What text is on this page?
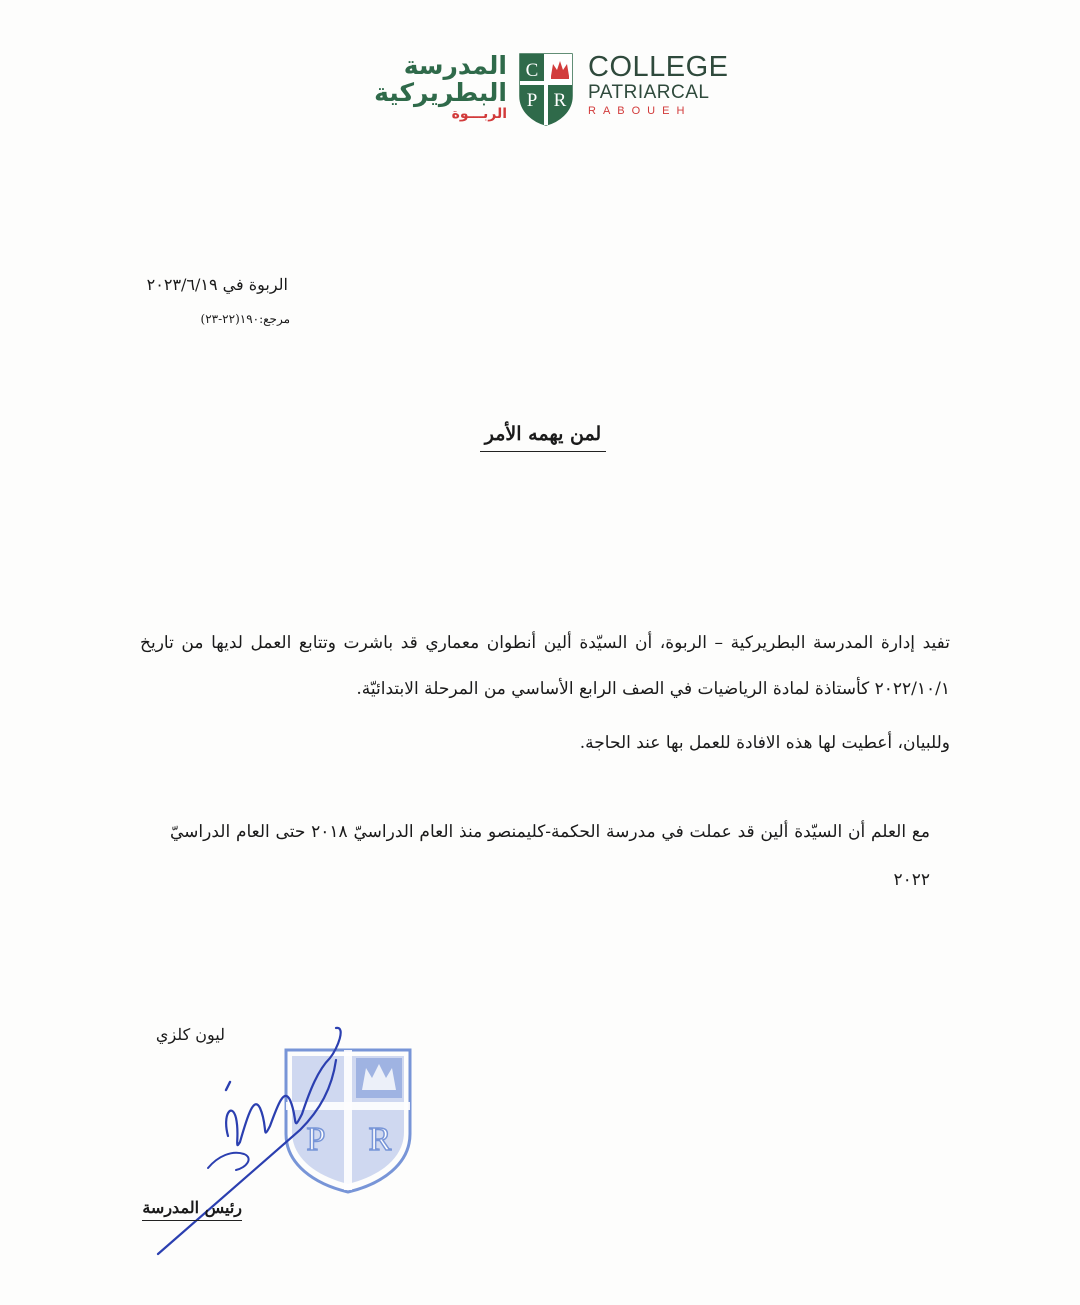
المدرسة
البطريركية
الربـــوة
C
P R
COLLEGE
PATRIARCAL
RABOUEH
الربوة في ٢٠٢٣/٦/١٩
مرجع:١٩٠(٢٢-٢٣)
لمن يهمه الأمر
تفيد إدارة المدرسة البطريركية – الربوة، أن السيّدة ألين أنطوان معماري قد باشرت وتتابع العمل لديها من تاريخ ٢٠٢٢/١٠/١ كأستاذة لمادة الرياضيات في الصف الرابع الأساسي من المرحلة الابتدائيّة.
وللبيان، أعطيت لها هذه الافادة للعمل بها عند الحاجة.
مع العلم أن السيّدة ألين قد عملت في مدرسة الحكمة-كليمنصو منذ العام الدراسيّ ٢٠١٨ حتى العام الدراسيّ ٢٠٢٢
ليون كلزي
P R
رئيس المدرسة
